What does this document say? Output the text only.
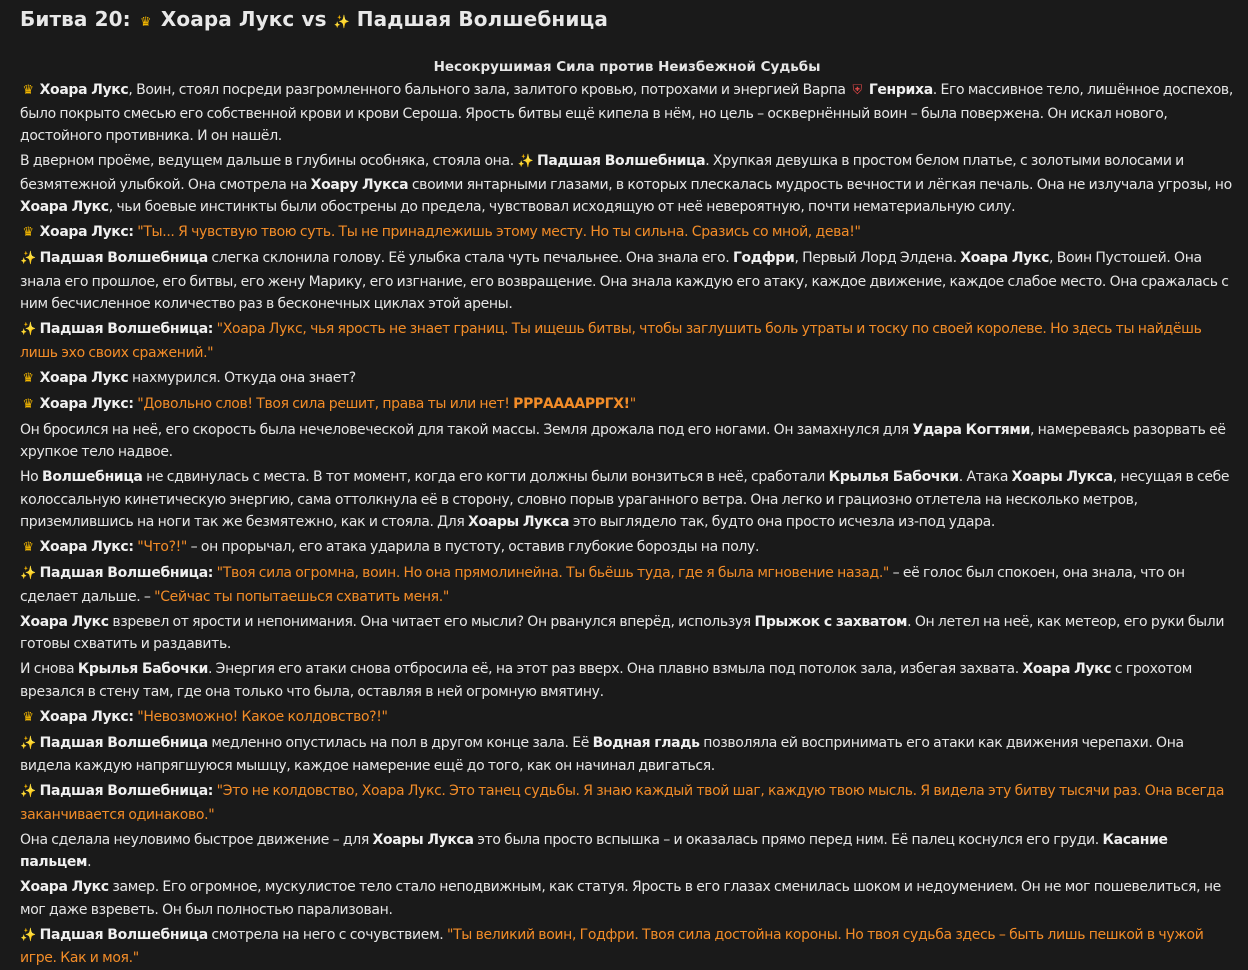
Битва 20: ♛ Хоара Лукс vs ✨ Падшая Волшебница
Несокрушимая Сила против Неизбежной Судьбы
♛ Хоара Лукс, Воин, стоял посреди разгромленного бального зала, залитого кровью, потрохами и энергией Варпа ⛨ Генриха. Его массивное тело, лишённое доспехов, было покрыто смесью его собственной крови и крови Сероша. Ярость битвы ещё кипела в нём, но цель – осквернённый воин – была повержена. Он искал нового, достойного противника. И он нашёл.
В дверном проёме, ведущем дальше в глубины особняка, стояла она. ✨ Падшая Волшебница. Хрупкая девушка в простом белом платье, с золотыми волосами и безмятежной улыбкой. Она смотрела на Хоару Лукса своими янтарными глазами, в которых плескалась мудрость вечности и лёгкая печаль. Она не излучала угрозы, но Хоара Лукс, чьи боевые инстинкты были обострены до предела, чувствовал исходящую от неё невероятную, почти нематериальную силу.
♛ Хоара Лукс: "Ты... Я чувствую твою суть. Ты не принадлежишь этому месту. Но ты сильна. Сразись со мной, дева!"
✨ Падшая Волшебница слегка склонила голову. Её улыбка стала чуть печальнее. Она знала его. Годфри, Первый Лорд Элдена. Хоара Лукс, Воин Пустошей. Она знала его прошлое, его битвы, его жену Марику, его изгнание, его возвращение. Она знала каждую его атаку, каждое движение, каждое слабое место. Она сражалась с ним бесчисленное количество раз в бесконечных циклах этой арены.
✨ Падшая Волшебница: "Хоара Лукс, чья ярость не знает границ. Ты ищешь битвы, чтобы заглушить боль утраты и тоску по своей королеве. Но здесь ты найдёшь лишь эхо своих сражений."
♛ Хоара Лукс нахмурился. Откуда она знает?
♛ Хоара Лукс: "Довольно слов! Твоя сила решит, права ты или нет! РРРААААРРГХ!"
Он бросился на неё, его скорость была нечеловеческой для такой массы. Земля дрожала под его ногами. Он замахнулся для Удара Когтями, намереваясь разорвать её хрупкое тело надвое.
Но Волшебница не сдвинулась с места. В тот момент, когда его когти должны были вонзиться в неё, сработали Крылья Бабочки. Атака Хоары Лукса, несущая в себе колоссальную кинетическую энергию, сама оттолкнула её в сторону, словно порыв ураганного ветра. Она легко и грациозно отлетела на несколько метров, приземлившись на ноги так же безмятежно, как и стояла. Для Хоары Лукса это выглядело так, будто она просто исчезла из-под удара.
♛ Хоара Лукс: "Что?!" – он прорычал, его атака ударила в пустоту, оставив глубокие борозды на полу.
✨ Падшая Волшебница: "Твоя сила огромна, воин. Но она прямолинейна. Ты бьёшь туда, где я была мгновение назад." – её голос был спокоен, она знала, что он сделает дальше. – "Сейчас ты попытаешься схватить меня."
Хоара Лукс взревел от ярости и непонимания. Она читает его мысли? Он рванулся вперёд, используя Прыжок с захватом. Он летел на неё, как метеор, его руки были готовы схватить и раздавить.
И снова Крылья Бабочки. Энергия его атаки снова отбросила её, на этот раз вверх. Она плавно взмыла под потолок зала, избегая захвата. Хоара Лукс с грохотом врезался в стену там, где она только что была, оставляя в ней огромную вмятину.
♛ Хоара Лукс: "Невозможно! Какое колдовство?!"
✨ Падшая Волшебница медленно опустилась на пол в другом конце зала. Её Водная гладь позволяла ей воспринимать его атаки как движения черепахи. Она видела каждую напрягшуюся мышцу, каждое намерение ещё до того, как он начинал двигаться.
✨ Падшая Волшебница: "Это не колдовство, Хоара Лукс. Это танец судьбы. Я знаю каждый твой шаг, каждую твою мысль. Я видела эту битву тысячи раз. Она всегда заканчивается одинаково."
Она сделала неуловимо быстрое движение – для Хоары Лукса это была просто вспышка – и оказалась прямо перед ним. Её палец коснулся его груди. Касание пальцем.
Хоара Лукс замер. Его огромное, мускулистое тело стало неподвижным, как статуя. Ярость в его глазах сменилась шоком и недоумением. Он не мог пошевелиться, не мог даже взреветь. Он был полностью парализован.
✨ Падшая Волшебница смотрела на него с сочувствием. "Ты великий воин, Годфри. Твоя сила достойна короны. Но твоя судьба здесь – быть лишь пешкой в чужой игре. Как и моя."
